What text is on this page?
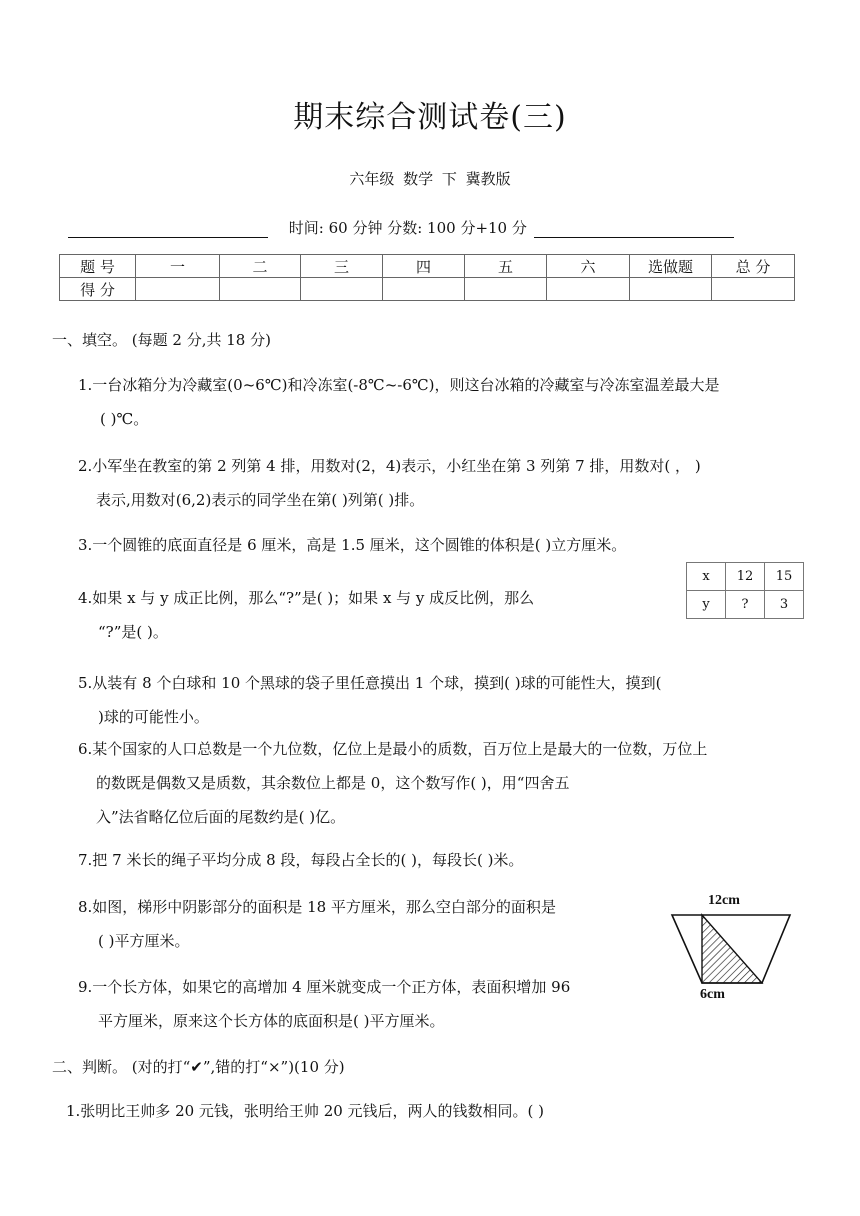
期末综合测试卷(三)
六年级 数学 下 冀教版
时间: 60 分钟 分数: 100 分+10 分
题 号	一	二	三	四	五	六	选做题	总 分
得 分								
一、填空。 (每题 2 分,共 18 分)
1.一台冰箱分为冷藏室(0~6℃)和冷冻室(-8℃~-6℃)，则这台冰箱的冷藏室与冷冻室温差最大是
( )℃。
2.小军坐在教室的第 2 列第 4 排，用数对(2，4)表示，小红坐在第 3 列第 7 排，用数对( ， )
表示,用数对(6,2)表示的同学坐在第( )列第( )排。
3.一个圆锥的底面直径是 6 厘米，高是 1.5 厘米，这个圆锥的体积是( )立方厘米。
4.如果 x 与 y 成正比例，那么“?”是( )；如果 x 与 y 成反比例，那么
“?”是( )。
x	12	15
y	?	3
5.从装有 8 个白球和 10 个黑球的袋子里任意摸出 1 个球，摸到( )球的可能性大，摸到(
)球的可能性小。
6.某个国家的人口总数是一个九位数，亿位上是最小的质数，百万位上是最大的一位数，万位上
的数既是偶数又是质数，其余数位上都是 0，这个数写作( )，用“四舍五
入”法省略亿位后面的尾数约是( )亿。
7.把 7 米长的绳子平均分成 8 段，每段占全长的( )，每段长( )米。
8.如图，梯形中阴影部分的面积是 18 平方厘米，那么空白部分的面积是
( )平方厘米。
12cm
6cm
9.一个长方体，如果它的高增加 4 厘米就变成一个正方体，表面积增加 96
平方厘米，原来这个长方体的底面积是( )平方厘米。
二、判断。 (对的打“✔”,错的打“×”)(10 分)
1.张明比王帅多 20 元钱，张明给王帅 20 元钱后，两人的钱数相同。( )
